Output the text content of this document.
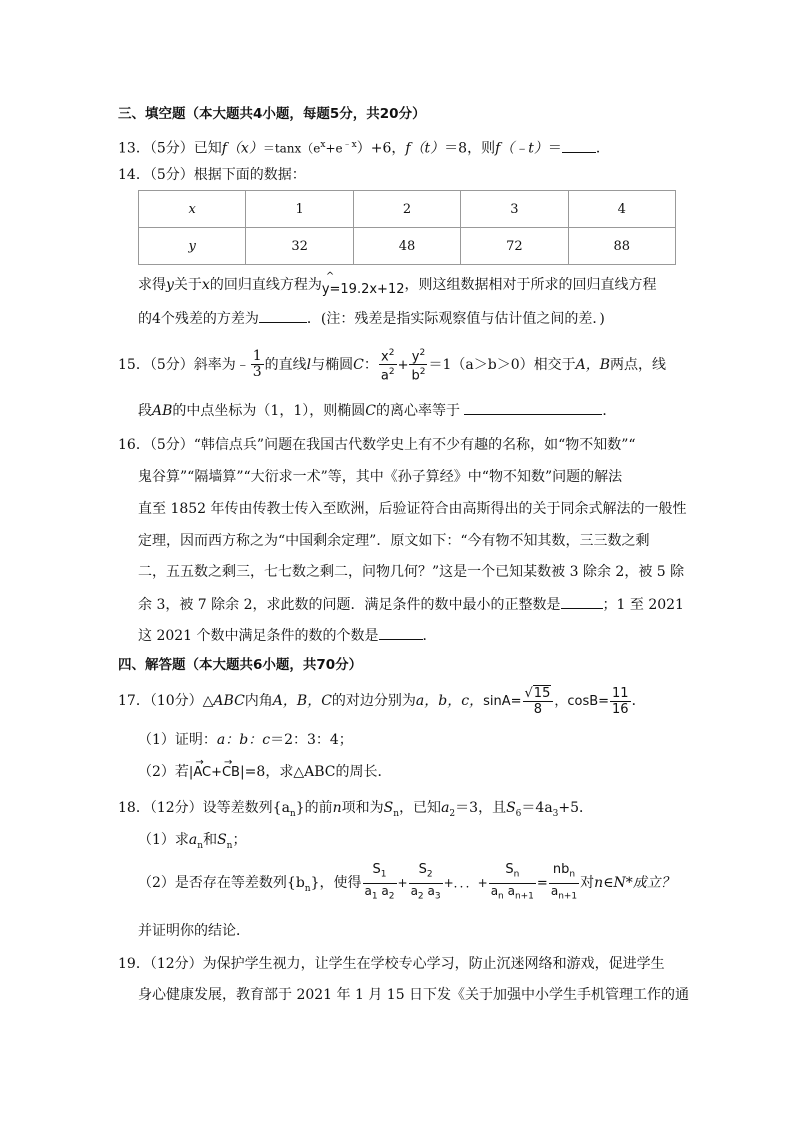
三、填空题（本大题共4小题，每题5分，共20分）
13．（5分）已知$f(x)=\tan x(e^x+e^{﹣x})+6$，f（t）＝8，则f（﹣t）＝ ．
14．（5分）根据下面的数据：
x	1	2	3	4
y	32	48	72	88
求得y关于x的回归直线方程为
^
y=19.2x+12，则这组数据相对于所求的回归直线方程
的4个残差的方差为	．(注：残差是指实际观察值与估计值之间的差．)
15．（5分）斜率为﹣ $\frac{1}{3}$ 的直线l与椭圆C： $\frac{x^2}{a^2} + \frac{y^2}{b^2} =1(a>b>0)$相交于A，B两点，线
段AB的中点坐标为（1，1），则椭圆C的离心率等于	．
16．（5分）“韩信点兵”问题在我国古代数学史上有不少有趣的名称，如“物不知数”“
鬼谷算”“隔墙算”“大衍求一术”等，其中《孙子算经》中“物不知数”问题的解法
直至 1852 年传由传教士传入至欧洲，后验证符合由高斯得出的关于同余式解法的一般性
定理，因而西方称之为“中国剩余定理”．原文如下：“今有物不知其数，三三数之剩
二，五五数之剩三，七七数之剩二，问物几何？”这是一个已知某数被 3 除余 2，被 5 除
余 3，被 7 除余 2，求此数的问题．满足条件的数中最小的正整数是	；1 至 2021
这 2021 个数中满足条件的数的个数是	．
四、解答题（本大题共6小题，共70分）
17．（10分）△ABC内角A，B，C的对边分别为a，b，c，$\sin A= \frac{√15}{8}$ ，$\cos B= \frac{11}{16}$ ．
（1）证明：a：b：c＝2：3：4；
（2）若|→ AC+→ CB|=8，求△ABC的周长．
18．（12分）设等差数列$\{a_n\}$的前n项和为$S_n$，已知$a_2=3$，且$S_6=4a_3+5$．
（1）求$a_n$和$S_n$；
（2）是否存在等差数列$\{b_n\}$，使得 $\frac{S_1}{a_1 a_2} + \frac{S_2}{a_2 a_3}$ +．．．+ $\frac{S_n}{a_n a_{n+1}} = \frac{nb_n}{a_{n+1}}$ 对n∈N*成立？
并证明你的结论．
19．（12分）为保护学生视力，让学生在学校专心学习，防止沉迷网络和游戏，促进学生
身心健康发展，教育部于 2021 年 1 月 15 日下发《关于加强中小学生手机管理工作的通
